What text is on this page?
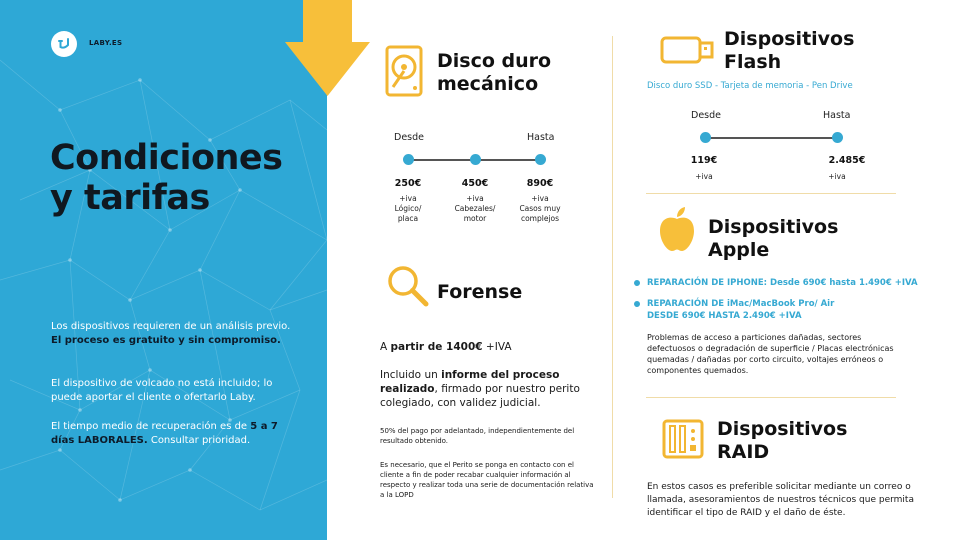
LABY.ES
Condiciones
y tarifas
Los dispositivos requieren de un análisis previo. El proceso es gratuito y sin compromiso.
El dispositivo de volcado no está incluido; lo puede aportar el cliente o ofertarlo Laby.
El tiempo medio de recuperación es de 5 a 7 días LABORALES. Consultar prioridad.
Disco duro
mecánico
Desde	Hasta
250€
+iva
Lógico/
placa
450€
+iva
Cabezales/
motor
890€
+iva
Casos muy
complejos
Forense
A partir de 1400€ +IVA
Incluido un informe del proceso realizado, firmado por nuestro perito colegiado, con validez judicial.
50% del pago por adelantado, independientemente del resultado obtenido.
Es necesario, que el Perito se ponga en contacto con el cliente a fin de poder recabar cualquier información al respecto y realizar toda una serie de documentación relativa a la LOPD
Dispositivos
Flash
Disco duro SSD - Tarjeta de memoria - Pen Drive
Desde	Hasta
119€
+iva
2.485€
+iva
Dispositivos
Apple
REPARACIÓN DE IPHONE: Desde 690€ hasta 1.490€ +IVA
REPARACIÓN DE iMac/MacBook Pro/ Air
DESDE 690€ HASTA 2.490€ +IVA
Problemas de acceso a particiones dañadas, sectores defectuosos o degradación de superficie / Placas electrónicas quemadas / dañadas por corto circuito, voltajes erróneos o componentes quemados.
Dispositivos
RAID
En estos casos es preferible solicitar mediante un correo o llamada, asesoramientos de nuestros técnicos que permita identificar el tipo de RAID y el daño de éste.
